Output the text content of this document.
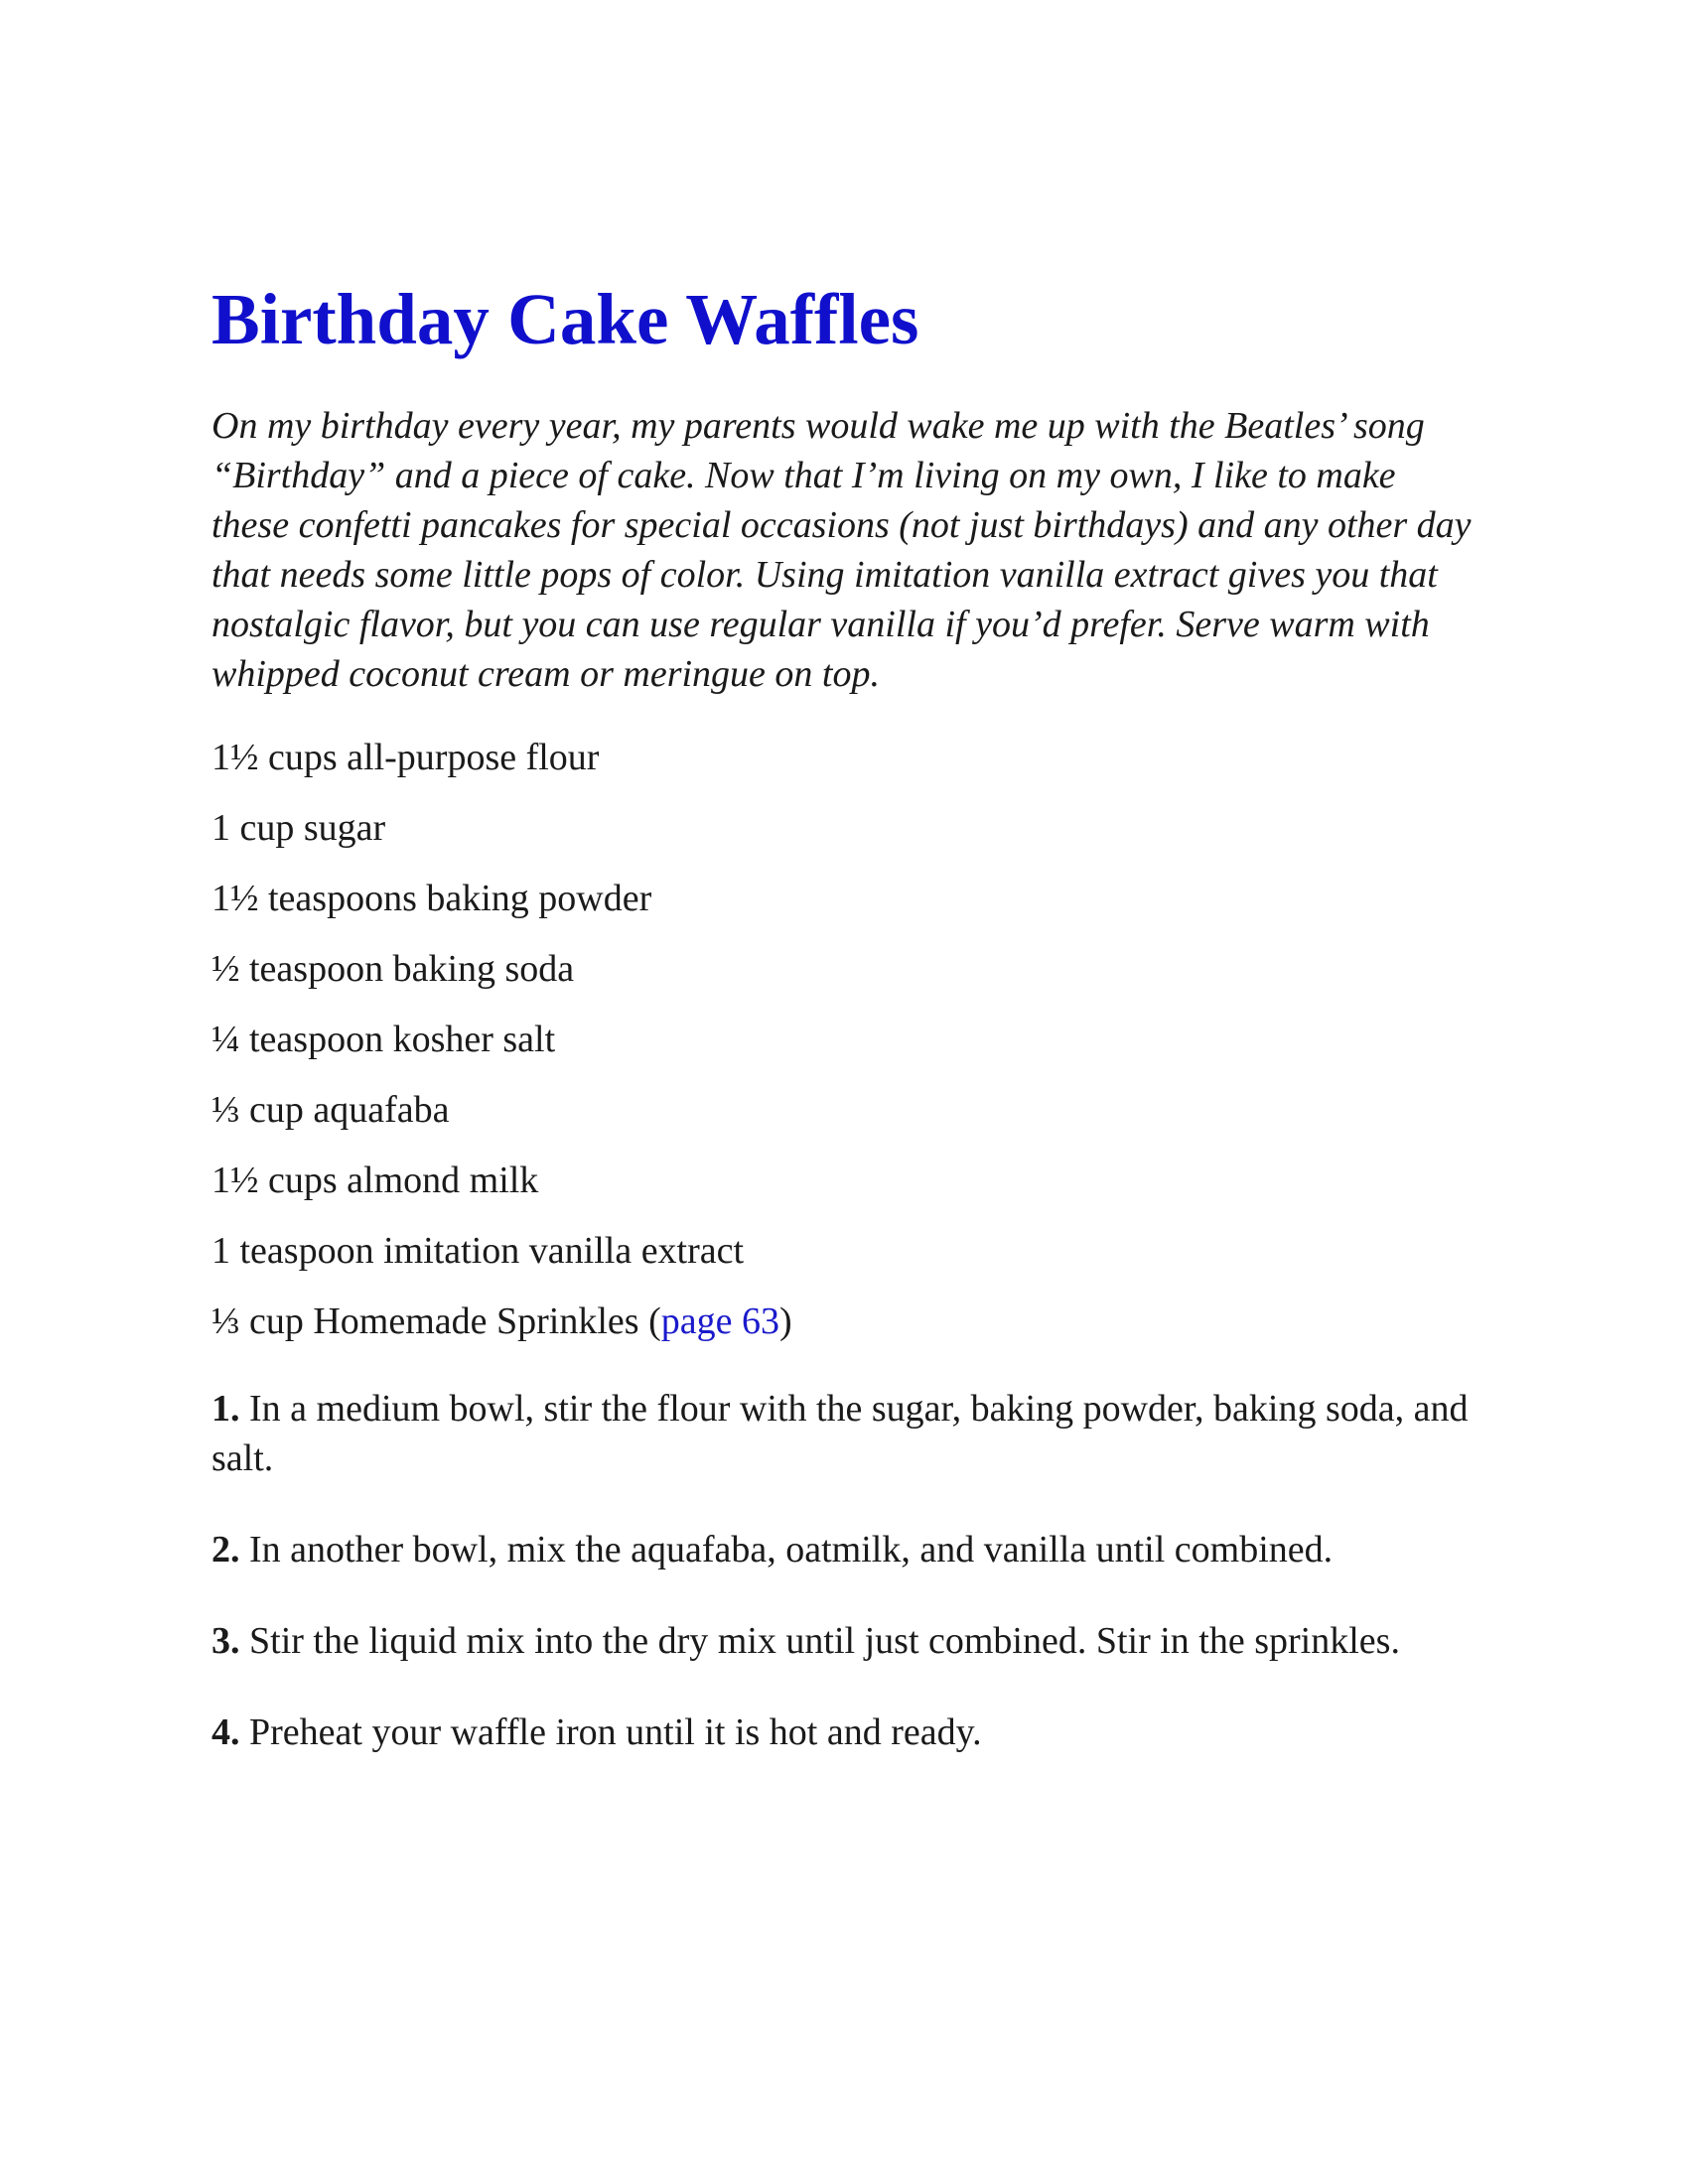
Birthday Cake Waffles

On my birthday every year, my parents would wake me up with the Beatles’ song “Birthday” and a piece of cake. Now that I’m living on my own, I like to make these confetti pancakes for special occasions (not just birthdays) and any other day that needs some little pops of color. Using imitation vanilla extract gives you that nostalgic flavor, but you can use regular vanilla if you’d prefer. Serve warm with whipped coconut cream or meringue on top.

1½ cups all-purpose flour
1 cup sugar
1½ teaspoons baking powder
½ teaspoon baking soda
¼ teaspoon kosher salt
⅓ cup aquafaba
1½ cups almond milk
1 teaspoon imitation vanilla extract
⅓ cup Homemade Sprinkles (page 63)
1. In a medium bowl, stir the flour with the sugar, baking powder, baking soda, and salt.
2. In another bowl, mix the aquafaba, oatmilk, and vanilla until combined.
3. Stir the liquid mix into the dry mix until just combined. Stir in the sprinkles.
4. Preheat your waffle iron until it is hot and ready.
